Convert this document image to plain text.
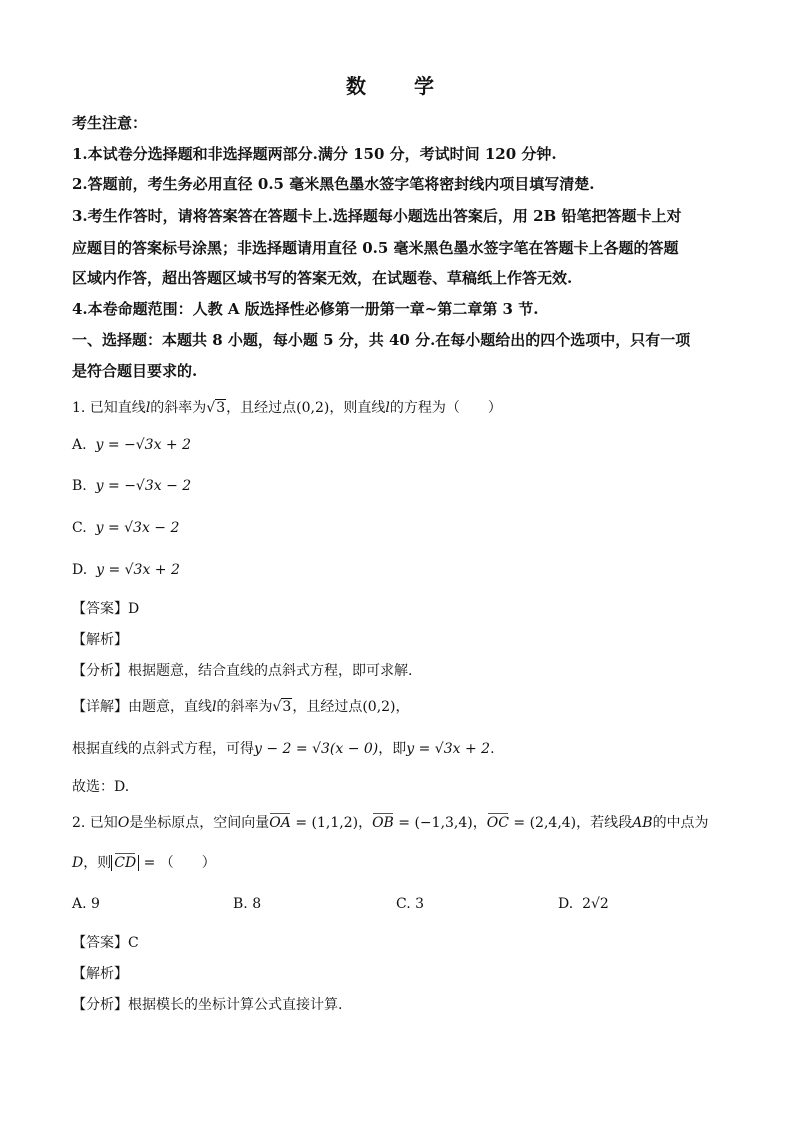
数　学
考生注意：
1.本试卷分选择题和非选择题两部分.满分 150 分，考试时间 120 分钟.
2.答题前，考生务必用直径 0.5 毫米黑色墨水签字笔将密封线内项目填写清楚.
3.考生作答时，请将答案答在答题卡上.选择题每小题选出答案后，用 2B 铅笔把答题卡上对
应题目的答案标号涂黑；非选择题请用直径 0.5 毫米黑色墨水签字笔在答题卡上各题的答题
区域内作答，超出答题区域书写的答案无效，在试题卷、草稿纸上作答无效.
4.本卷命题范围：人教 A 版选择性必修第一册第一章~第二章第 3 节.
一、选择题：本题共 8 小题，每小题 5 分，共 40 分.在每小题给出的四个选项中，只有一项
是符合题目要求的.
1. 已知直线l的斜率为√3，且经过点(0,2)，则直线l的方程为（　　）
A. y = −√3x + 2
B. y = −√3x − 2
C. y = √3x − 2
D. y = √3x + 2
【答案】D
【解析】
【分析】根据题意，结合直线的点斜式方程，即可求解.
【详解】由题意，直线l的斜率为√3，且经过点(0,2)，
根据直线的点斜式方程，可得y − 2 = √3(x − 0)，即y = √3x + 2.
故选：D.
2. 已知O是坐标原点，空间向量OA = (1,1,2)，OB = (−1,3,4)，OC = (2,4,4)，若线段AB的中点为
D，则 CD = （　　）
A. 9	B. 8	C. 3	D. 2√2
【答案】C
【解析】
【分析】根据模长的坐标计算公式直接计算.
